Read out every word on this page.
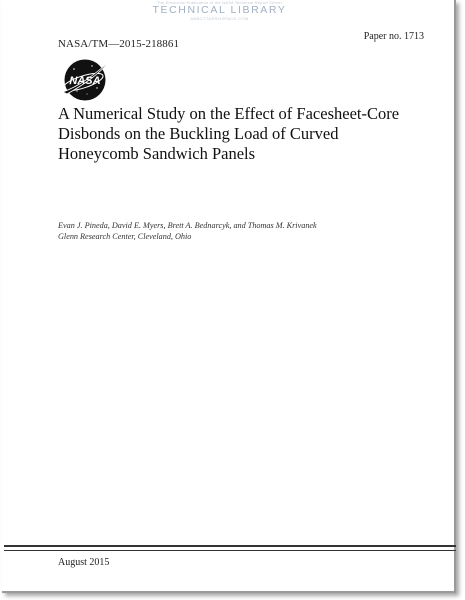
The Electronic Publication of the NASA Technical Report Server
TECHNICAL LIBRARY
ABBOTTAEROSPACE.COM
NASA/TM—2015-218861
Paper no. 1713
NASA
A Numerical Study on the Effect of Facesheet-Core
Disbonds on the Buckling Load of Curved
Honeycomb Sandwich Panels
Evan J. Pineda, David E. Myers, Brett A. Bednarcyk, and Thomas M. Krivanek
Glenn Research Center, Cleveland, Ohio
August 2015
